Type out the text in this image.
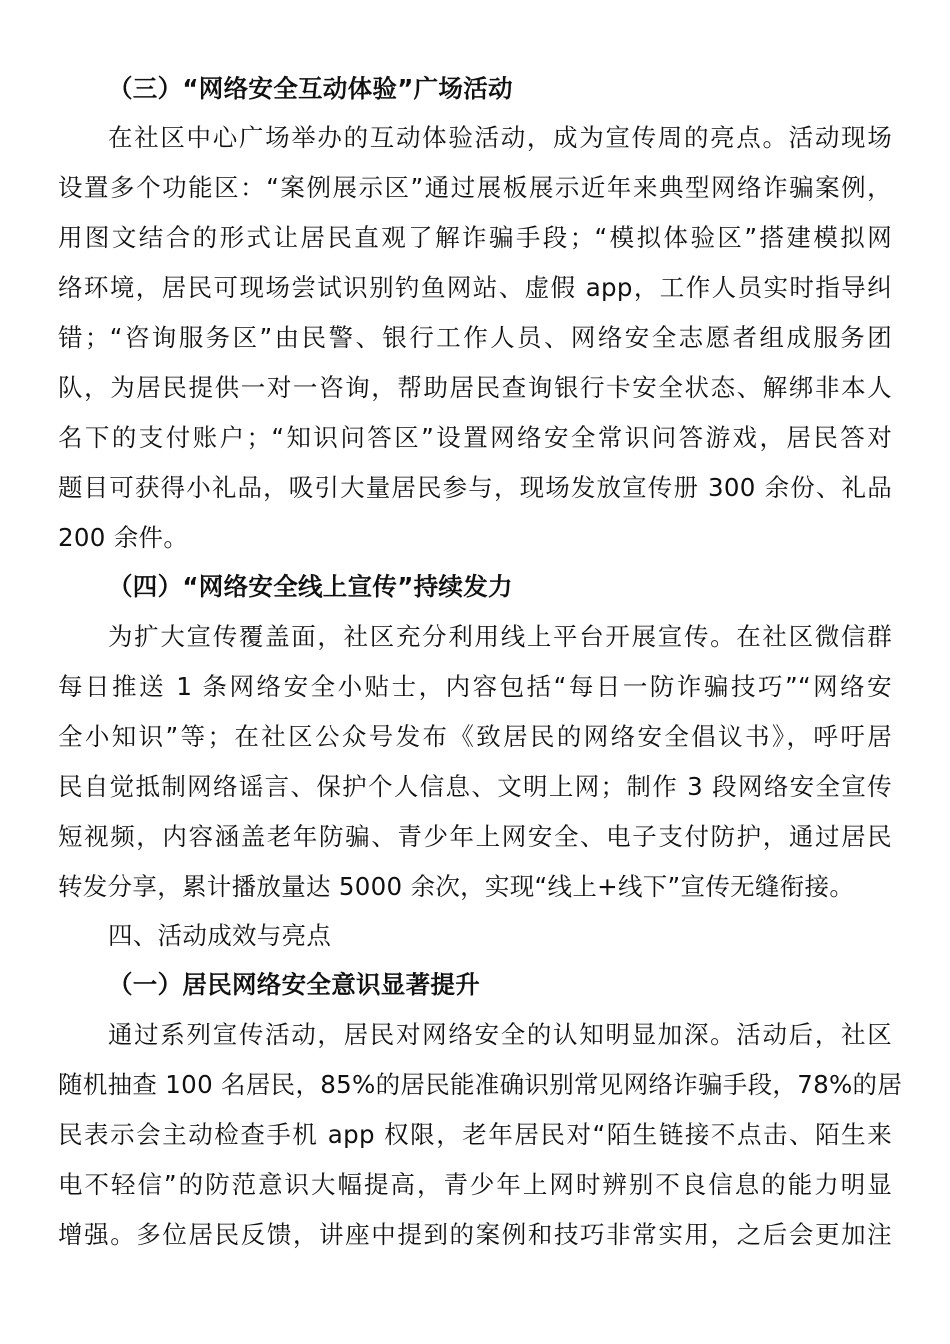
（三）“网络安全互动体验”广场活动
在社区中心广场举办的互动体验活动，成为宣传周的亮点。活动现场
设置多个功能区：“案例展示区”通过展板展示近年来典型网络诈骗案例，
用图文结合的形式让居民直观了解诈骗手段；“模拟体验区”搭建模拟网
络环境，居民可现场尝试识别钓鱼网站、虚假 app，工作人员实时指导纠
错；“咨询服务区”由民警、银行工作人员、网络安全志愿者组成服务团
队，为居民提供一对一咨询，帮助居民查询银行卡安全状态、解绑非本人
名下的支付账户；“知识问答区”设置网络安全常识问答游戏，居民答对
题目可获得小礼品，吸引大量居民参与，现场发放宣传册 300 余份、礼品
200 余件。
（四）“网络安全线上宣传”持续发力
为扩大宣传覆盖面，社区充分利用线上平台开展宣传。在社区微信群
每日推送 1 条网络安全小贴士，内容包括“每日一防诈骗技巧”“网络安
全小知识”等；在社区公众号发布《致居民的网络安全倡议书》，呼吁居
民自觉抵制网络谣言、保护个人信息、文明上网；制作 3 段网络安全宣传
短视频，内容涵盖老年防骗、青少年上网安全、电子支付防护，通过居民
转发分享，累计播放量达 5000 余次，实现“线上+线下”宣传无缝衔接。
四、活动成效与亮点
（一）居民网络安全意识显著提升
通过系列宣传活动，居民对网络安全的认知明显加深。活动后，社区
随机抽查 100 名居民，85%的居民能准确识别常见网络诈骗手段，78%的居
民表示会主动检查手机 app 权限，老年居民对“陌生链接不点击、陌生来
电不轻信”的防范意识大幅提高，青少年上网时辨别不良信息的能力明显
增强。多位居民反馈，讲座中提到的案例和技巧非常实用，之后会更加注
